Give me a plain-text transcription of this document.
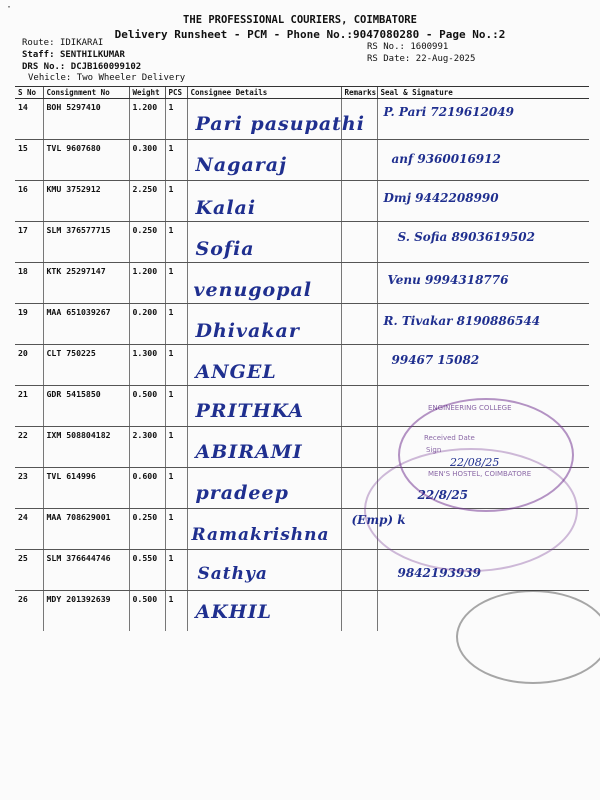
·
THE PROFESSIONAL COURIERS, COIMBATORE
Delivery Runsheet - PCM - Phone No.:9047080280 - Page No.:2
Route: IDIKARAI
Staff: SENTHILKUMAR
DRS No.: DCJB160099102
Vehicle: Two Wheeler Delivery
RS No.: 1600991
RS Date: 22-Aug-2025
S No	Consignment No	Weight	PCS	Consignee Details	Remarks	Seal & Signature
14	BOH 5297410	1.200	1	Pari pasupathi		P. Pari 7219612049

15	TVL 9607680	0.300	1	Nagaraj		anf 9360016912

16	KMU 3752912	2.250	1	Kalai		Dmj 9442208990

17	SLM 376577715	0.250	1	Sofia		S. Sofia 8903619502

18	KTK 25297147	1.200	1	venugopal		Venu 9994318776

19	MAA 651039267	0.200	1	Dhivakar		R. Tivakar 8190886544

20	CLT 750225	1.300	1	ANGEL		99467 15082

21	GDR 5415850	0.500	1	PRITHKA		

22	IXM 508804182	2.300	1	ABIRAMI		

23	TVL 614996	0.600	1	pradeep		22/8/25

24	MAA 708629001	0.250	1	Ramakrishna		(Emp) k

25	SLM 376644746	0.550	1	Sathya		9842193939

26	MDY 201392639	0.500	1	AKHIL		

ENGINEERING COLLEGE
Received Date
Sign
22/08/25
MEN'S HOSTEL, COIMBATORE
